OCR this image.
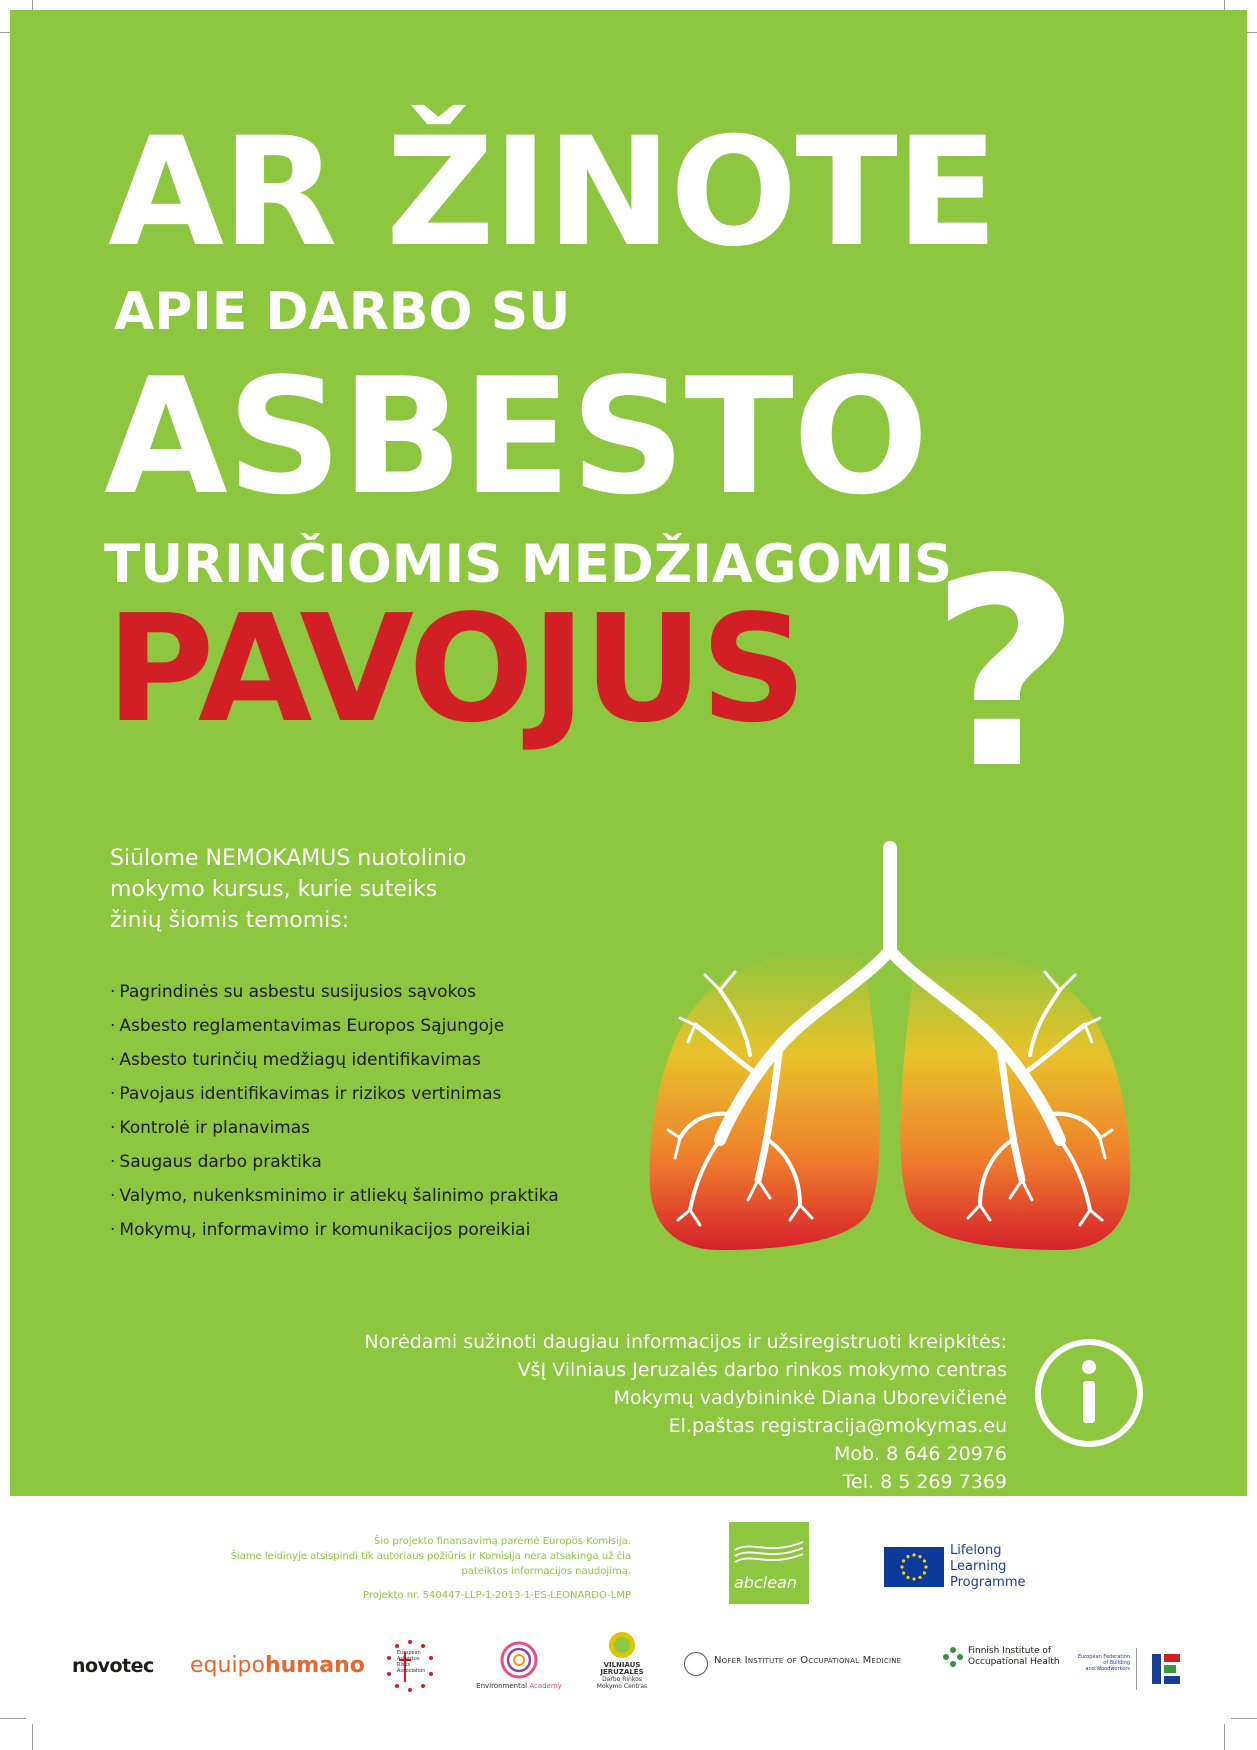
AR ŽINOTE
APIE DARBO SU
ASBESTO
TURINČIOMIS MEDŽIAGOMIS
PAVOJUS ?
Siūlome NEMOKAMUS nuotolinio
mokymo kursus, kurie suteiks
žinių šiomis temomis:
· Pagrindinės su asbestu susijusios sąvokos
· Asbesto reglamentavimas Europos Sąjungoje
· Asbesto turinčių medžiagų identifikavimas
· Pavojaus identifikavimas ir rizikos vertinimas
· Kontrolė ir planavimas
· Saugaus darbo praktika
· Valymo, nukenksminimo ir atliekų šalinimo praktika
· Mokymų, informavimo ir komunikacijos poreikiai
Norėdami sužinoti daugiau informacijos ir užsiregistruoti kreipkitės:
VšĮ Vilniaus Jeruzalės darbo rinkos mokymo centras
Mokymų vadybininkė Diana Uborevičienė
El.paštas registracija@mokymas.eu
Mob. 8 646 20976
Tel. 8 5 269 7369
Šio projekto finansavimą parėmė Europos Komisija.
Šiame leidinyje atsispindi tik autoriaus požiūris ir Komisija nėra atsakinga už čia
pateiktos informacijos naudojimą.
Projekto nr. 540447-LLP-1-2013-1-ES-LEONARDO-LMP
abclean
Lifelong
Learning
Programme
novotec equipohumano	European
Asbestos
Risks
Association
Environmental Academy
VILNIAUS
JERUZALĖS
Darbo Rinkos
Mokymo Centras
Nofer Institute of Occupational Medicine
Finnish Institute of
Occupational Health	European Federation
of Building
and Woodworkers
